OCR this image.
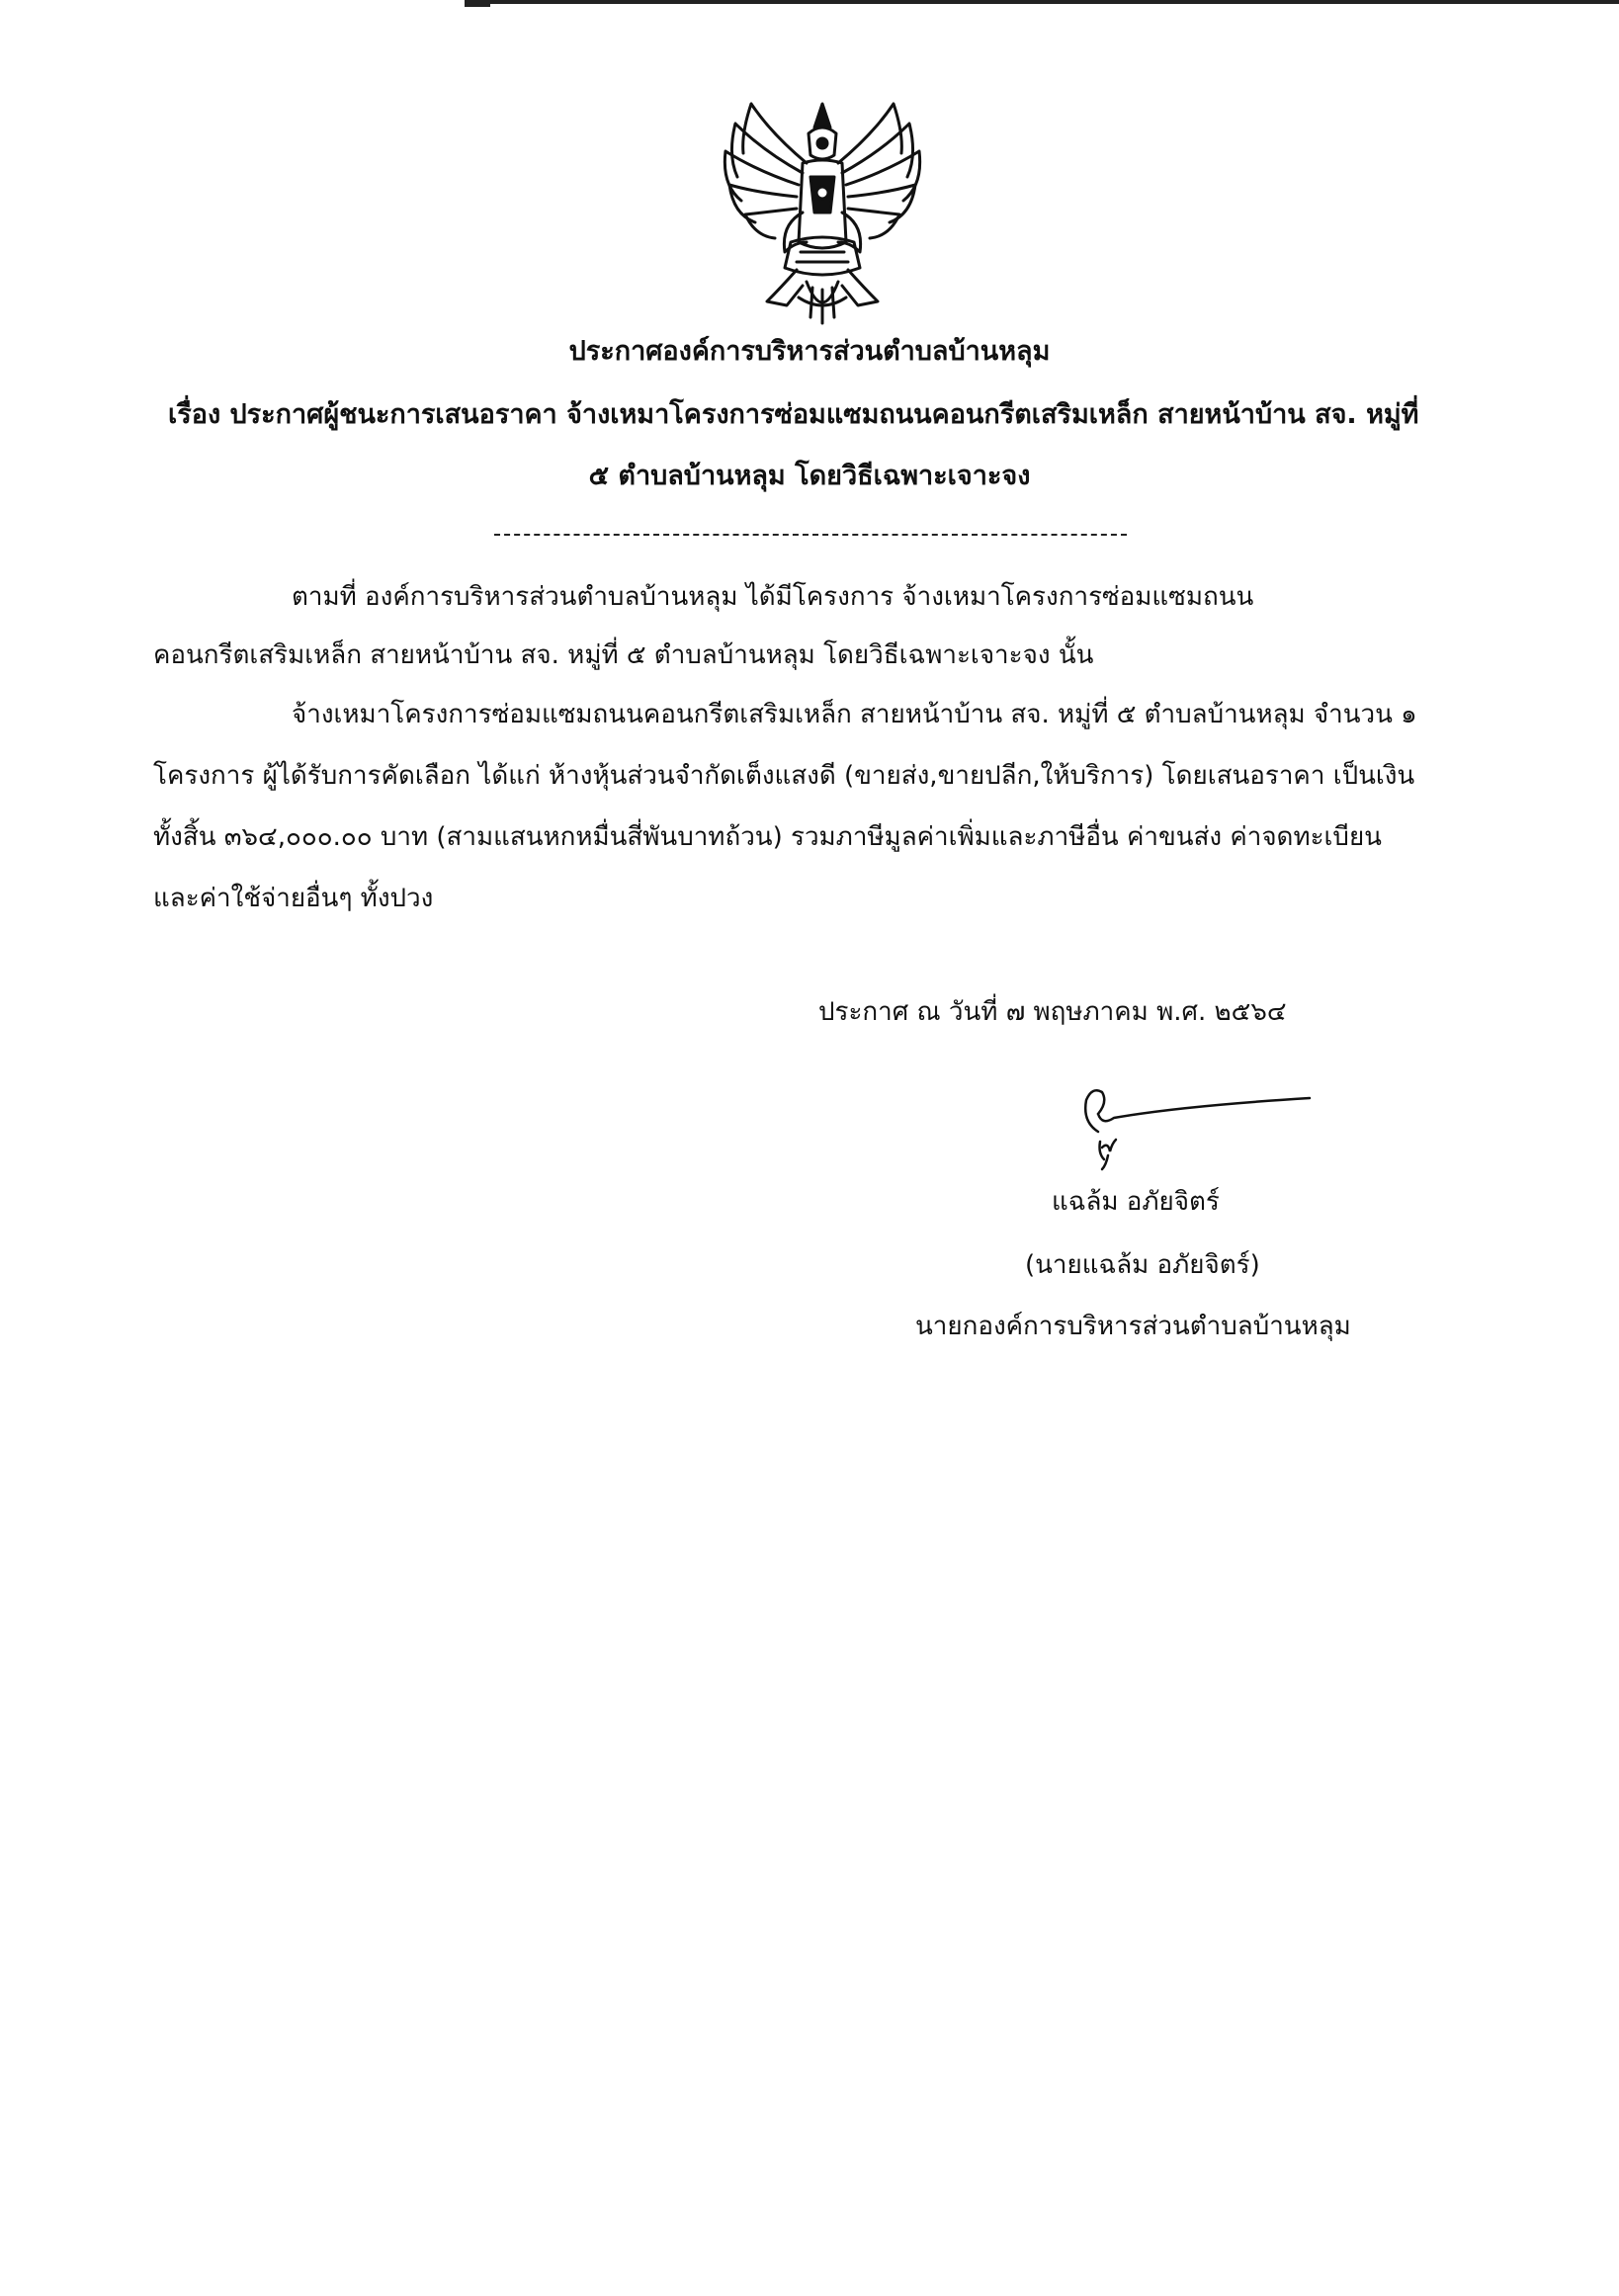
ประกาศองค์การบริหารส่วนตำบลบ้านหลุม
เรื่อง ประกาศผู้ชนะการเสนอราคา จ้างเหมาโครงการซ่อมแซมถนนคอนกรีตเสริมเหล็ก สายหน้าบ้าน สจ. หมู่ที่
๕ ตำบลบ้านหลุม โดยวิธีเฉพาะเจาะจง
ตามที่ องค์การบริหารส่วนตำบลบ้านหลุม ได้มีโครงการ จ้างเหมาโครงการซ่อมแซมถนน
คอนกรีตเสริมเหล็ก สายหน้าบ้าน สจ. หมู่ที่ ๕ ตำบลบ้านหลุม โดยวิธีเฉพาะเจาะจง นั้น
จ้างเหมาโครงการซ่อมแซมถนนคอนกรีตเสริมเหล็ก สายหน้าบ้าน สจ. หมู่ที่ ๕ ตำบลบ้านหลุม จำนวน ๑
โครงการ ผู้ได้รับการคัดเลือก ได้แก่ ห้างหุ้นส่วนจำกัดเต็งแสงดี (ขายส่ง,ขายปลีก,ให้บริการ) โดยเสนอราคา เป็นเงิน
ทั้งสิ้น ๓๖๔,๐๐๐.๐๐ บาท (สามแสนหกหมื่นสี่พันบาทถ้วน) รวมภาษีมูลค่าเพิ่มและภาษีอื่น ค่าขนส่ง ค่าจดทะเบียน
และค่าใช้จ่ายอื่นๆ ทั้งปวง
ประกาศ ณ วันที่ ๗ พฤษภาคม พ.ศ. ๒๕๖๔
แฉล้ม อภัยจิตร์
(นายแฉล้ม อภัยจิตร์)
นายกองค์การบริหารส่วนตำบลบ้านหลุม
